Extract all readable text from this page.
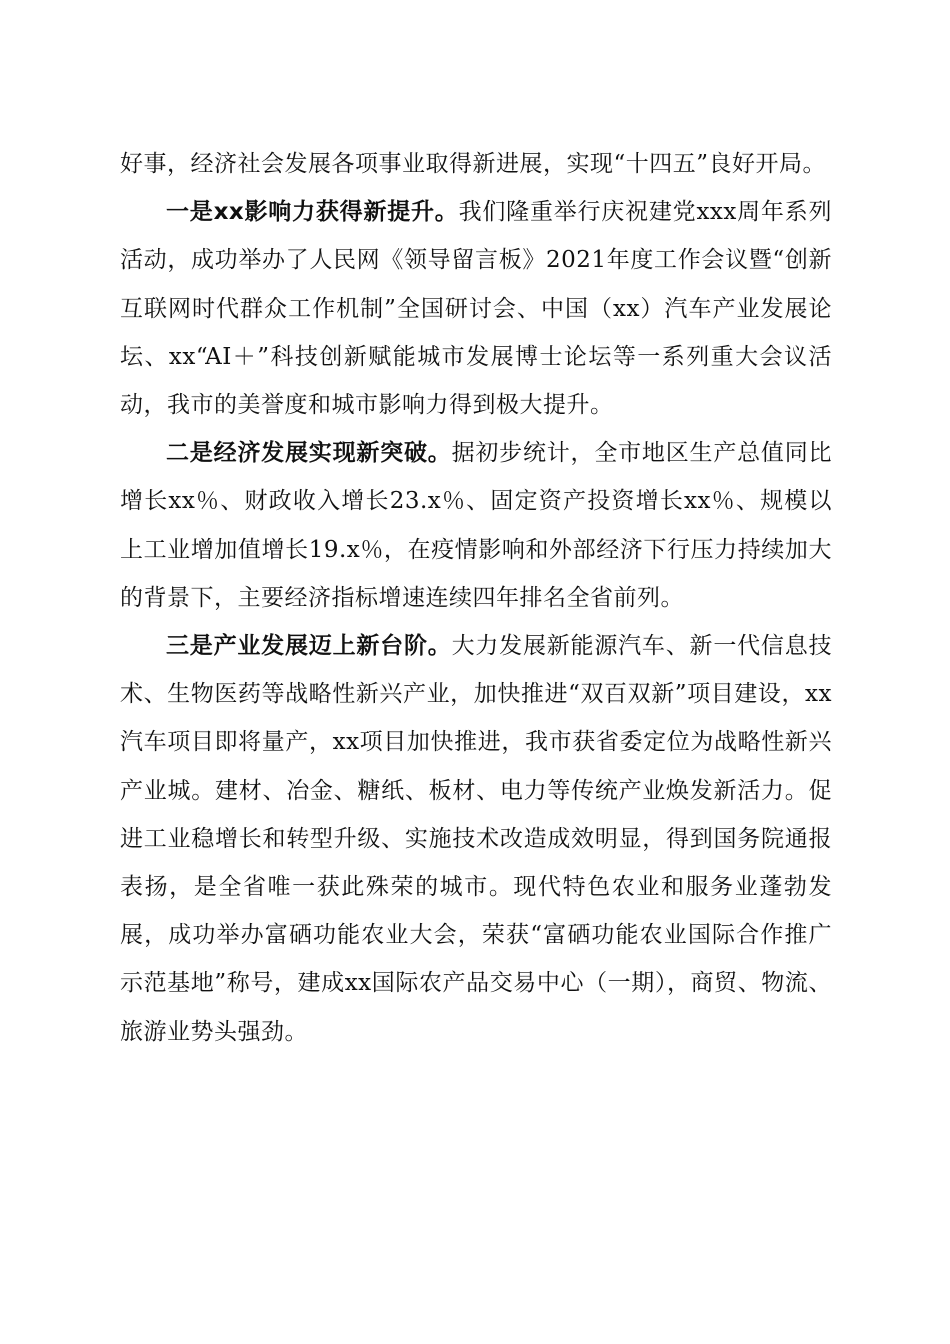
好事，经济社会发展各项事业取得新进展，实现“十四五”良好开局。

一是xx影响力获得新提升。我们隆重举行庆祝建党xxx周年系列活动，成功举办了人民网《领导留言板》2021年度工作会议暨“创新互联网时代群众工作机制”全国研讨会、中国（xx）汽车产业发展论坛、xx“AI＋”科技创新赋能城市发展博士论坛等一系列重大会议活动，我市的美誉度和城市影响力得到极大提升。

二是经济发展实现新突破。据初步统计，全市地区生产总值同比增长xx％、财政收入增长23.x％、固定资产投资增长xx％、规模以上工业增加值增长19.x％，在疫情影响和外部经济下行压力持续加大的背景下，主要经济指标增速连续四年排名全省前列。

三是产业发展迈上新台阶。大力发展新能源汽车、新一代信息技术、生物医药等战略性新兴产业，加快推进“双百双新”项目建设，xx汽车项目即将量产，xx项目加快推进，我市获省委定位为战略性新兴产业城。建材、冶金、糖纸、板材、电力等传统产业焕发新活力。促进工业稳增长和转型升级、实施技术改造成效明显，得到国务院通报表扬，是全省唯一获此殊荣的城市。现代特色农业和服务业蓬勃发展，成功举办富硒功能农业大会，荣获“富硒功能农业国际合作推广示范基地”称号，建成xx国际农产品交易中心（一期），商贸、物流、旅游业势头强劲。
